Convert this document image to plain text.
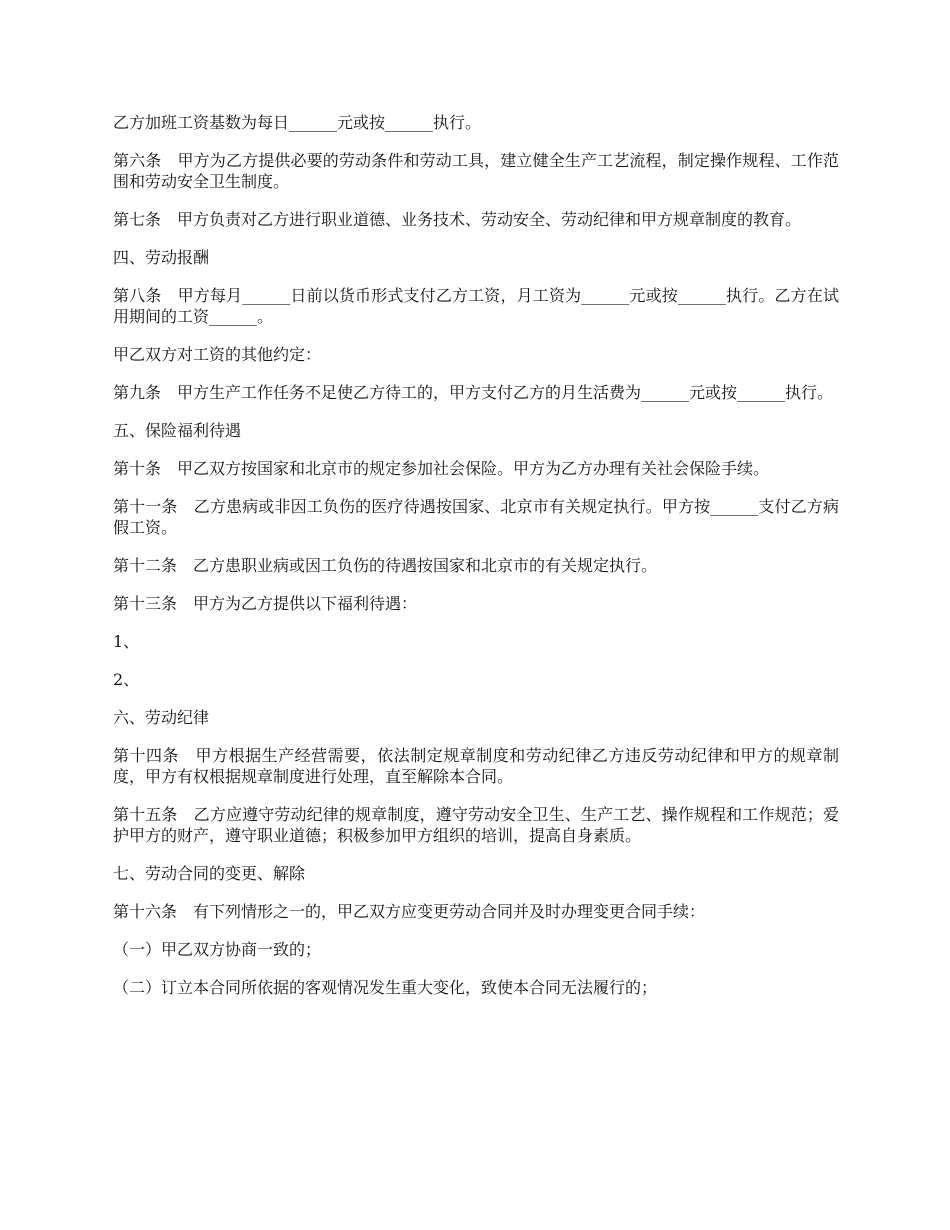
乙方加班工资基数为每日______元或按______执行。

第六条　甲方为乙方提供必要的劳动条件和劳动工具，建立健全生产工艺流程，制定操作规程、工作范围和劳动安全卫生制度。

第七条　甲方负责对乙方进行职业道德、业务技术、劳动安全、劳动纪律和甲方规章制度的教育。

四、劳动报酬

第八条　甲方每月______日前以货币形式支付乙方工资，月工资为______元或按______执行。乙方在试用期间的工资______。

甲乙双方对工资的其他约定：

第九条　甲方生产工作任务不足使乙方待工的，甲方支付乙方的月生活费为______元或按______执行。

五、保险福利待遇

第十条　甲乙双方按国家和北京市的规定参加社会保险。甲方为乙方办理有关社会保险手续。

第十一条　乙方患病或非因工负伤的医疗待遇按国家、北京市有关规定执行。甲方按______支付乙方病假工资。

第十二条　乙方患职业病或因工负伤的待遇按国家和北京市的有关规定执行。

第十三条　甲方为乙方提供以下福利待遇：

1、

2、

六、劳动纪律

第十四条　甲方根据生产经营需要，依法制定规章制度和劳动纪律乙方违反劳动纪律和甲方的规章制度，甲方有权根据规章制度进行处理，直至解除本合同。

第十五条　乙方应遵守劳动纪律的规章制度，遵守劳动安全卫生、生产工艺、操作规程和工作规范；爱护甲方的财产，遵守职业道德；积极参加甲方组织的培训，提高自身素质。

七、劳动合同的变更、解除

第十六条　有下列情形之一的，甲乙双方应变更劳动合同并及时办理变更合同手续：

（一）甲乙双方协商一致的；

（二）订立本合同所依据的客观情况发生重大变化，致使本合同无法履行的；
